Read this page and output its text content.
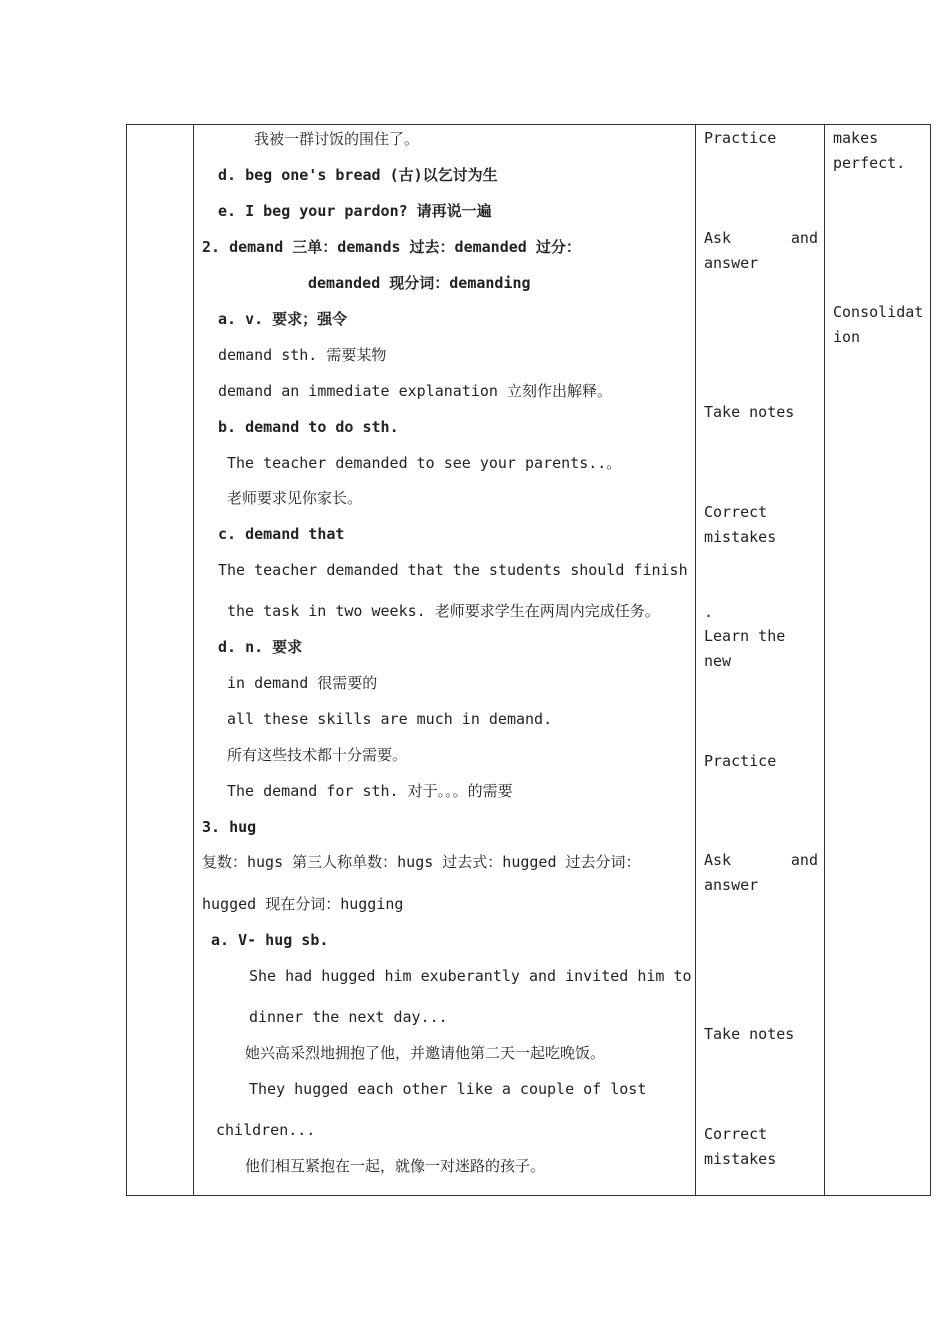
我被一群讨饭的围住了。
d. beg one's bread (古)以乞讨为生
e. I beg your pardon? 请再说一遍
2. demand 三单：demands 过去：demanded 过分：
demanded 现分词：demanding
a. v. 要求；强令
demand sth. 需要某物
demand an immediate explanation 立刻作出解释。
b. demand to do sth.
The teacher demanded to see your parents..。
老师要求见你家长。
c. demand that
The teacher demanded that the students should finish
the task in two weeks. 老师要求学生在两周内完成任务。
d. n. 要求
in demand 很需要的
all these skills are much in demand.
所有这些技术都十分需要。
The demand for sth. 对于。。。的需要
3. hug
复数：hugs 第三人称单数：hugs 过去式：hugged 过去分词：
hugged 现在分词：hugging
a. V- hug sb.
She had hugged him exuberantly and invited him to
dinner the next day...
她兴高采烈地拥抱了他，并邀请他第二天一起吃晚饭。
They hugged each other like a couple of lost
children...
他们相互紧抱在一起，就像一对迷路的孩子。
Practice
Ask	and
answer
Take notes
Correct
mistakes
.
Learn the new
Practice
Ask	and
answer
Take notes
Correct
mistakes
makes
perfect.
Consolidat
ion
